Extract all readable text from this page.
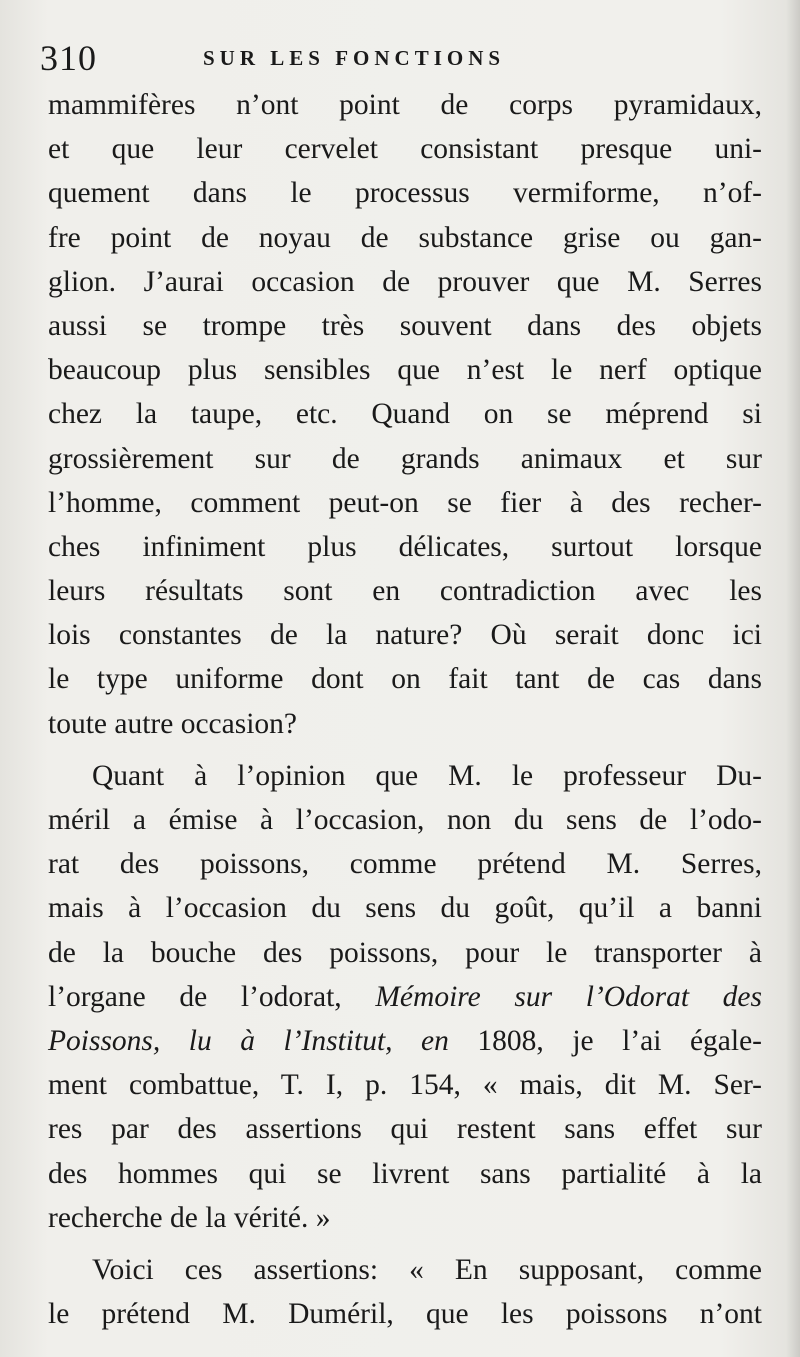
310	SUR LES FONCTIONS
mammifères n’ont point de corps pyramidaux,
et que leur cervelet consistant presque uni-
quement dans le processus vermiforme, n’of-
fre point de noyau de substance grise ou gan-
glion. J’aurai occasion de prouver que M. Serres
aussi se trompe très souvent dans des objets
beaucoup plus sensibles que n’est le nerf optique
chez la taupe, etc. Quand on se méprend si
grossièrement sur de grands animaux et sur
l’homme, comment peut-on se fier à des recher-
ches infiniment plus délicates, surtout lorsque
leurs résultats sont en contradiction avec les
lois constantes de la nature? Où serait donc ici
le type uniforme dont on fait tant de cas dans
toute autre occasion?
Quant à l’opinion que M. le professeur Du-
méril a émise à l’occasion, non du sens de l’odo-
rat des poissons, comme prétend M. Serres,
mais à l’occasion du sens du goût, qu’il a banni
de la bouche des poissons, pour le transporter à
l’organe de l’odorat, Mémoire sur l’Odorat des
Poissons, lu à l’Institut, en 1808, je l’ai égale-
ment combattue, T. I, p. 154, « mais, dit M. Ser-
res par des assertions qui restent sans effet sur
des hommes qui se livrent sans partialité à la
recherche de la vérité. »
Voici ces assertions: « En supposant, comme
le prétend M. Duméril, que les poissons n’ont
